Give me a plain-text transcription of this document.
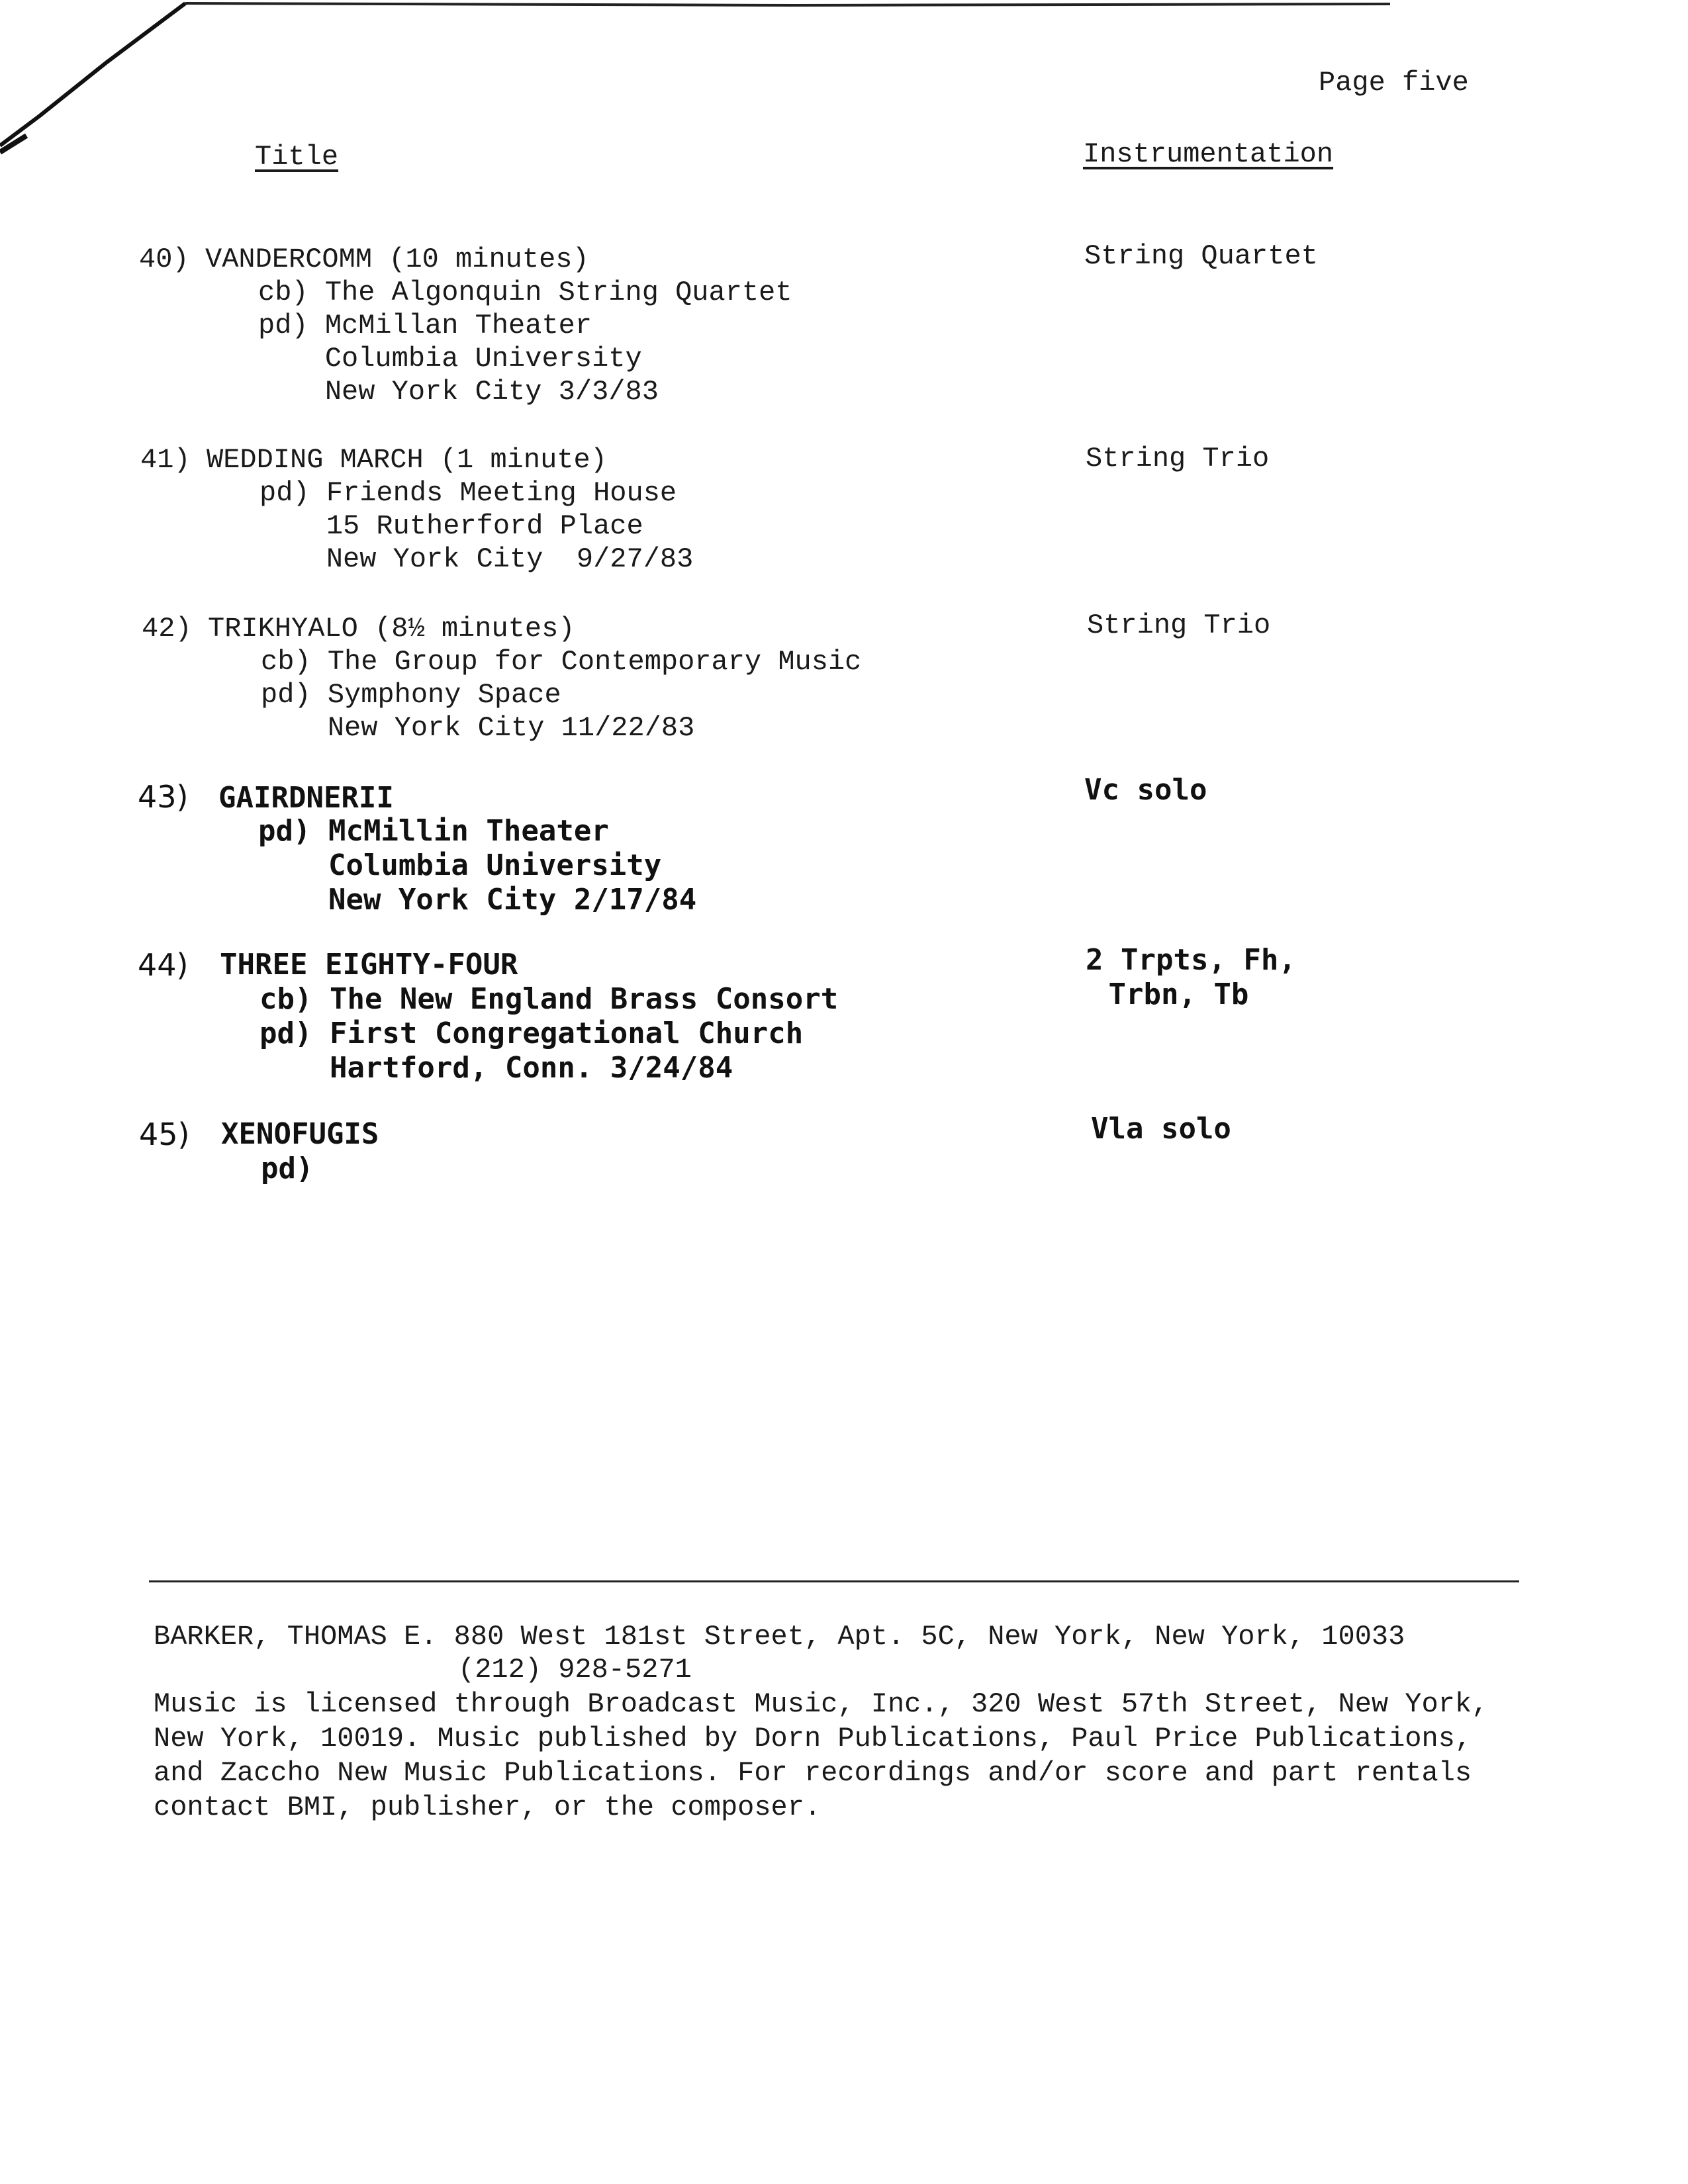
Page five
Title	Instrumentation
40) VANDERCOMM (10 minutes)
cb) The Algonquin String Quartet
pd) McMillan Theater
Columbia University
New York City 3/3/83
String Quartet
41) WEDDING MARCH (1 minute)
pd) Friends Meeting House
15 Rutherford Place
New York City  9/27/83
String Trio
42) TRIKHYALO (8½ minutes)
cb) The Group for Contemporary Music
pd) Symphony Space
New York City 11/22/83
String Trio
43) GAIRDNERII
pd) McMillin Theater
Columbia University
New York City 2/17/84
Vc solo
44) THREE EIGHTY-FOUR
cb) The New England Brass Consort
pd) First Congregational Church
Hartford, Conn. 3/24/84
2 Trpts, Fh,
Trbn, Tb
45) XENOFUGIS
pd)
Vla solo
BARKER, THOMAS E. 880 West 181st Street, Apt. 5C, New York, New York, 10033
(212) 928-5271
Music is licensed through Broadcast Music, Inc., 320 West 57th Street, New York,
New York, 10019. Music published by Dorn Publications, Paul Price Publications,
and Zaccho New Music Publications. For recordings and/or score and part rentals
contact BMI, publisher, or the composer.
